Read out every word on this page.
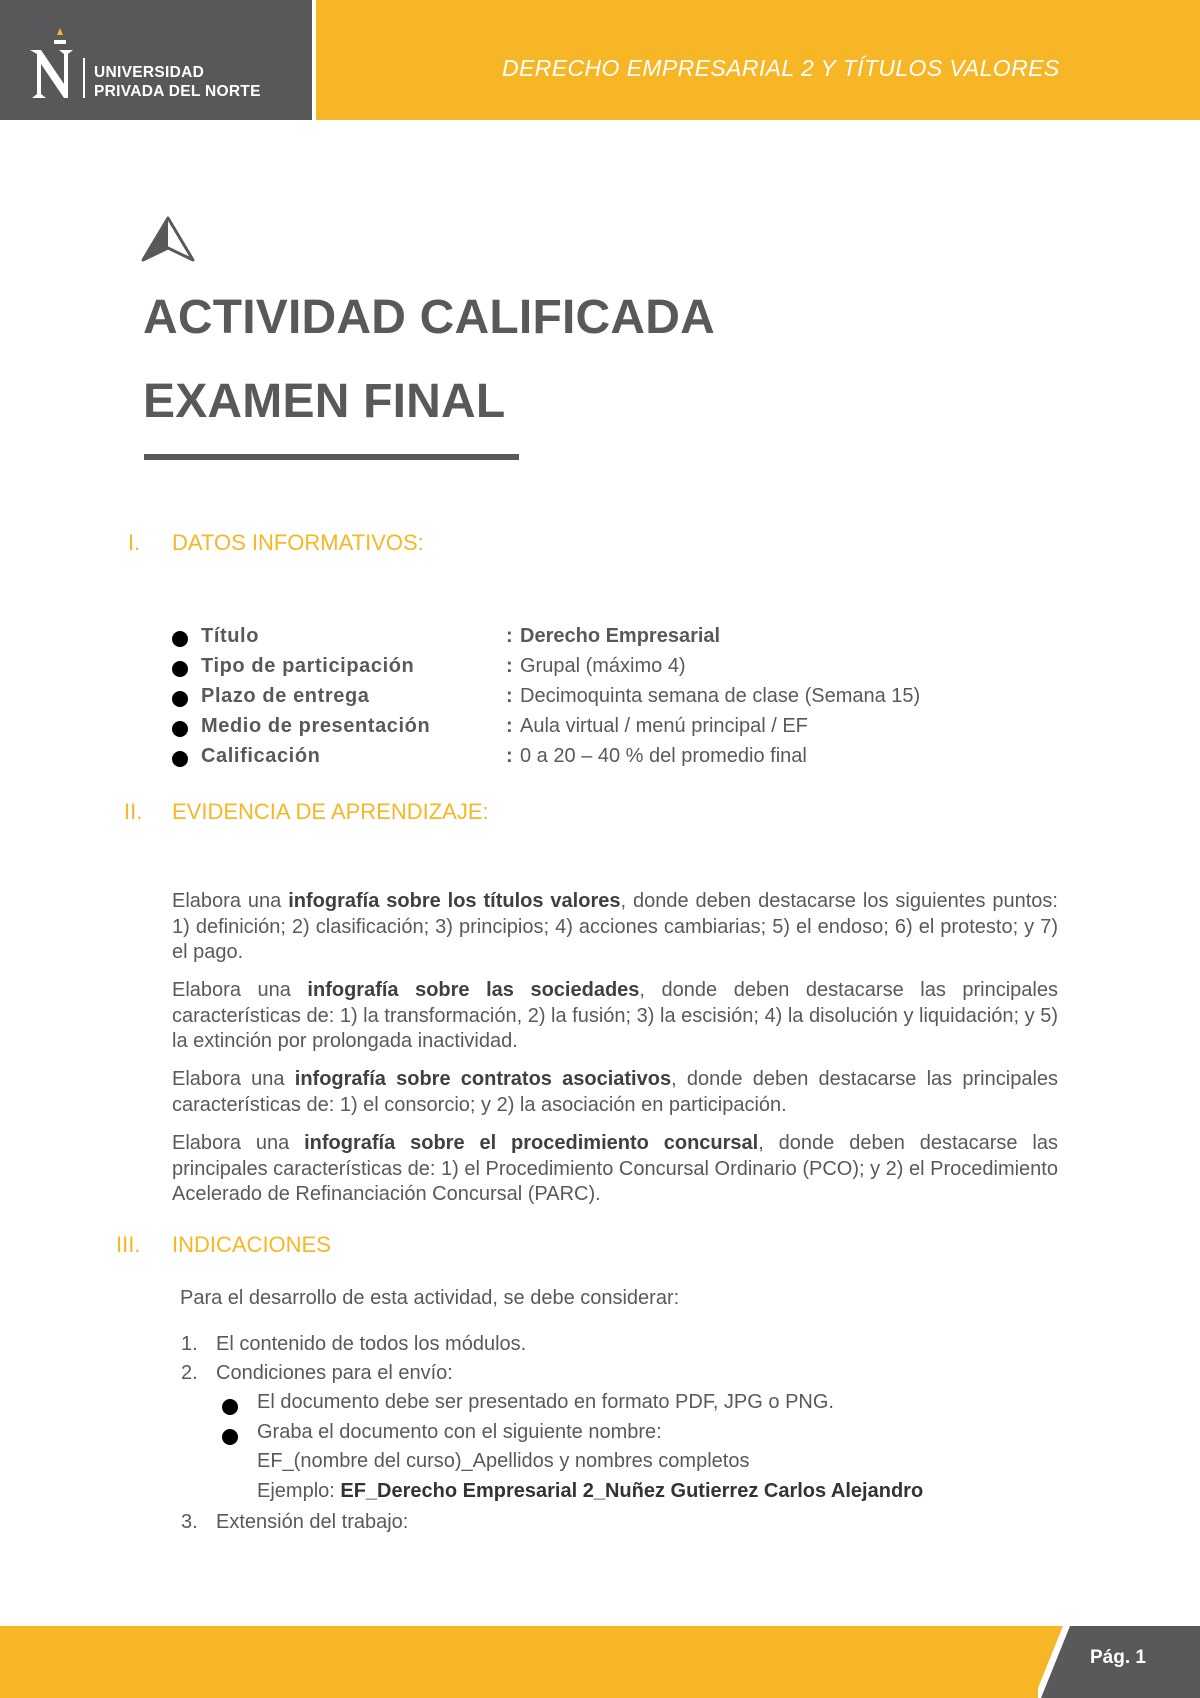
UNIVERSIDAD
PRIVADA DEL NORTE
DERECHO EMPRESARIAL 2 Y TÍTULOS VALORES
ACTIVIDAD CALIFICADA
EXAMEN FINAL
I. DATOS INFORMATIVOS:
Título	: Derecho Empresarial
Tipo de participación	: Grupal (máximo 4)
Plazo de entrega	: Decimoquinta semana de clase (Semana 15)
Medio de presentación	: Aula virtual / menú principal / EF
Calificación	: 0 a 20 – 40 % del promedio final
II. EVIDENCIA DE APRENDIZAJE:
Elabora una infografía sobre los títulos valores, donde deben destacarse los siguientes puntos: 1) definición; 2) clasificación; 3) principios; 4) acciones cambiarias; 5) el endoso; 6) el protesto; y 7) el pago.
Elabora una infografía sobre las sociedades, donde deben destacarse las principales características de: 1) la transformación, 2) la fusión; 3) la escisión; 4) la disolución y liquidación; y 5) la extinción por prolongada inactividad.
Elabora una infografía sobre contratos asociativos, donde deben destacarse las principales características de: 1) el consorcio; y 2) la asociación en participación.
Elabora una infografía sobre el procedimiento concursal, donde deben destacarse las principales características de: 1) el Procedimiento Concursal Ordinario (PCO); y 2) el Procedimiento Acelerado de Refinanciación Concursal (PARC).
III. INDICACIONES
Para el desarrollo de esta actividad, se debe considerar:
1. El contenido de todos los módulos.
2. Condiciones para el envío:
El documento debe ser presentado en formato PDF, JPG o PNG.
Graba el documento con el siguiente nombre:
EF_(nombre del curso)_Apellidos y nombres completos
Ejemplo: EF_Derecho Empresarial 2_Nuñez Gutierrez Carlos Alejandro
3. Extensión del trabajo:
Pág. 1
